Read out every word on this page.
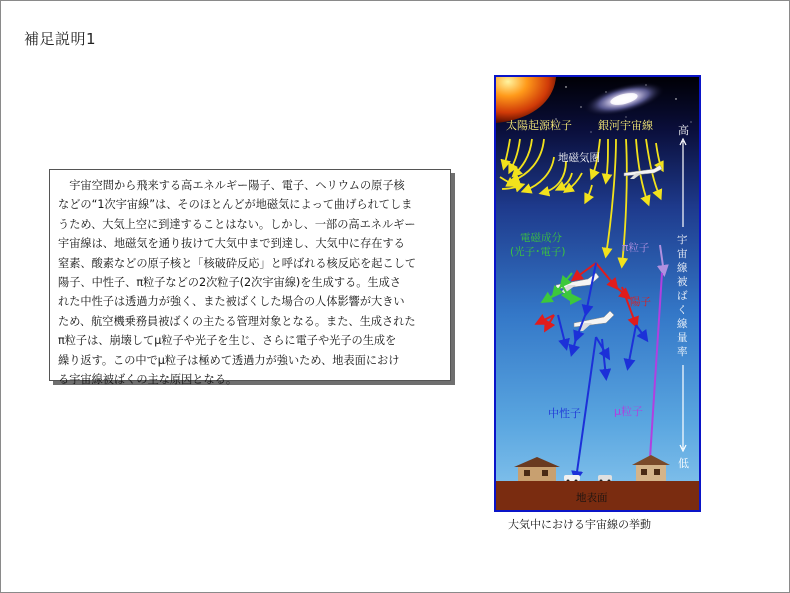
補足説明1

宇宙空間から飛来する高エネルギー陽子、電子、ヘリウムの原子核

などの“1次宇宙線”は、そのほとんどが地磁気によって曲げられてしま

うため、大気上空に到達することはない。しかし、一部の高エネルギー

宇宙線は、地磁気を通り抜けて大気中まで到達し、大気中に存在する

窒素、酸素などの原子核と「核破砕反応」と呼ばれる核反応を起こして

陽子、中性子、π粒子などの2次粒子(2次宇宙線)を生成する。生成さ

れた中性子は透過力が強く、また被ばくした場合の人体影響が大きい

ため、航空機乗務員被ばくの主たる管理対象となる。また、生成された

π粒子は、崩壊してμ粒子や光子を生じ、さらに電子や光子の生成を

繰り返す。この中でμ粒子は極めて透過力が強いため、地表面におけ

る宇宙線被ばくの主な原因となる。

太陽起源粒子 銀河宇宙線
地磁気圏
高
宇
宙
線
被
ば
く
線
量
率
低
電磁成分
(光子･電子)	π粒子
陽子
中性子	μ粒子
地表面
大気中における宇宙線の挙動
